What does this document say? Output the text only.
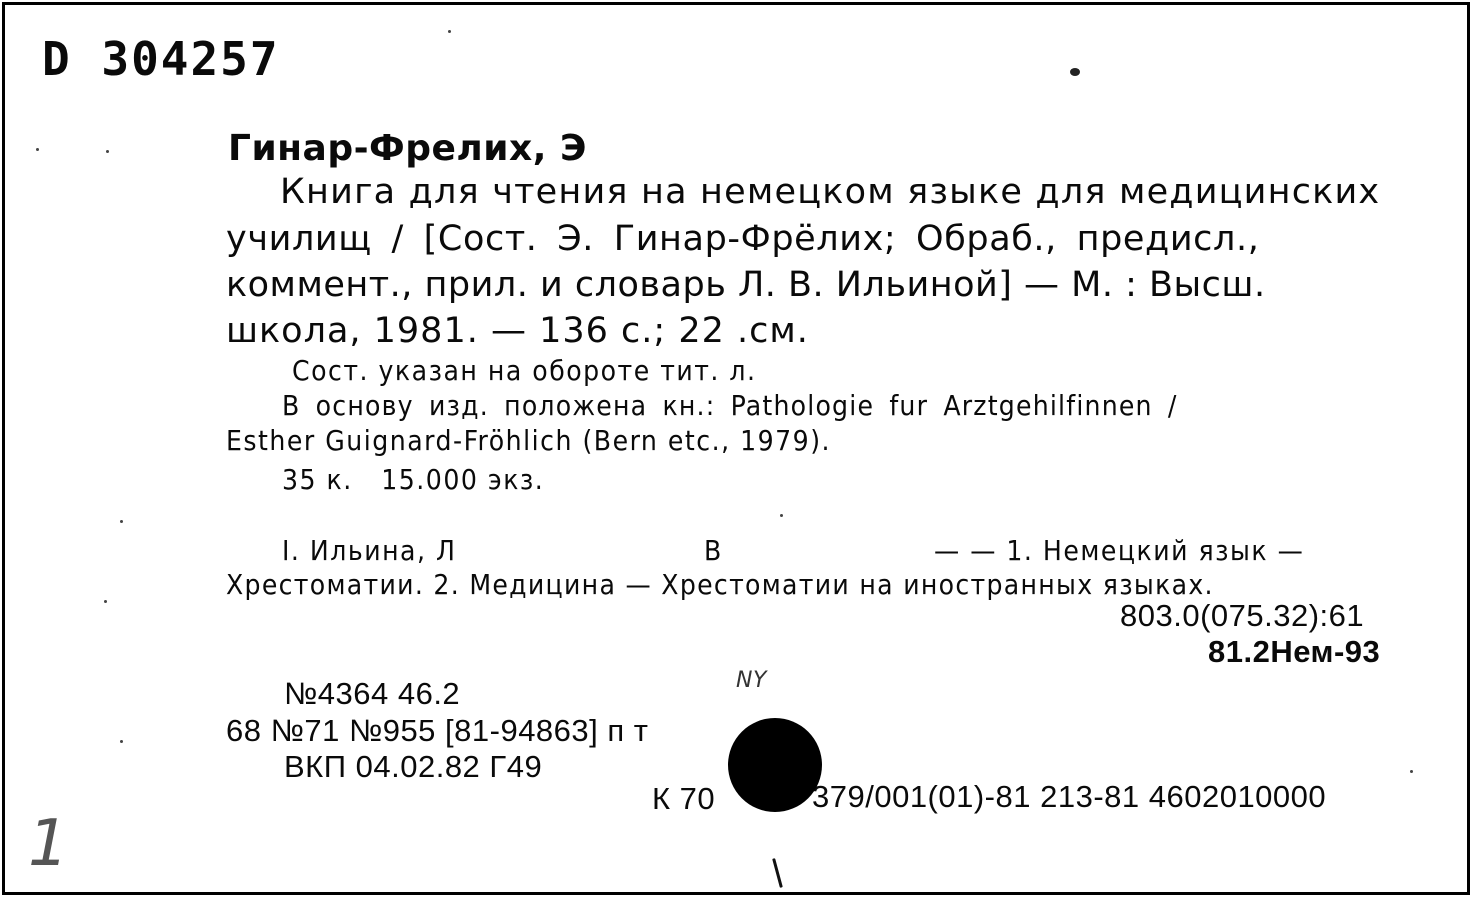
D 304257
Гинар-Фрелих, Э
Книга для чтения на немецком языке для медицинских
училищ / [Сост. Э. Гинар-Фрёлих; Обраб., предисл.,
коммент., прил. и словарь Л. В. Ильиной] — М. : Высш.
школа, 1981. — 136 с.; 22 .см.
Сост. указан на обороте тит. л.
В основу изд. положена кн.: Pathologie fur Arztgehilfinnen /
Esther Guignard-Fröhlich (Bern etc., 1979).
35 к.   15.000 экз.
I. Ильина, Л	В	— — 1. Немецкий язык —
Хрестоматии. 2. Медицина — Хрестоматии на иностранных языках.
803.0(075.32):61
81.2Нем-93
NY
№4364 46.2
68 №71 №955 [81-94863] п т
ВКП 04.02.82 Г49
К 70	379/001(01)-81 213-81 4602010000
1
